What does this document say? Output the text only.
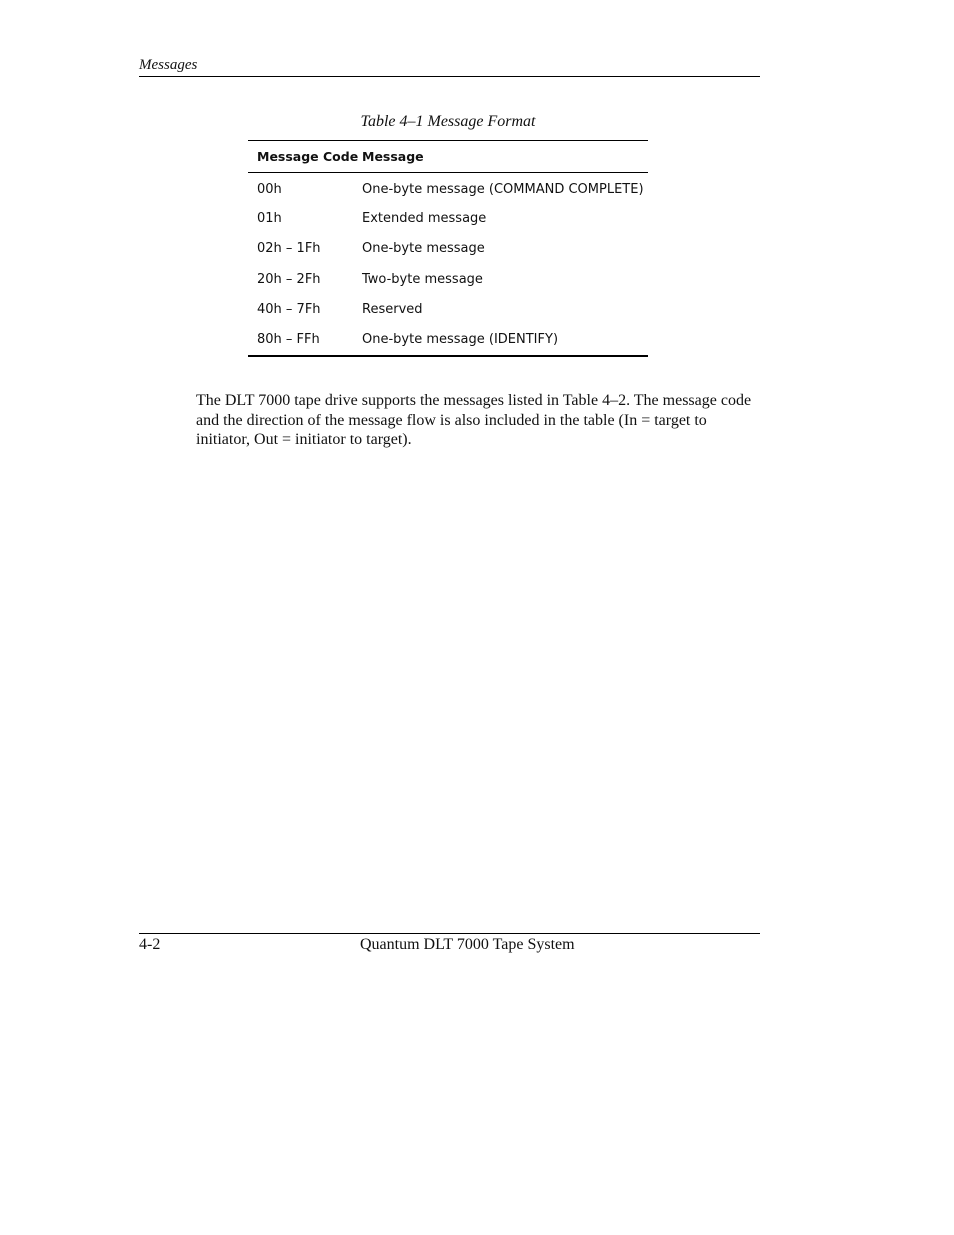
Messages
Table 4–1 Message Format
Message Code	Message
00h	One-byte message (COMMAND COMPLETE)
01h	Extended message
02h – 1Fh	One-byte message
20h – 2Fh	Two-byte message
40h – 7Fh	Reserved
80h – FFh	One-byte message (IDENTIFY)

The DLT 7000 tape drive supports the messages listed in Table 4–2. The message code and the direction of the message flow is also included in the table (In = target to initiator, Out = initiator to target).

4-2	Quantum DLT 7000 Tape System
